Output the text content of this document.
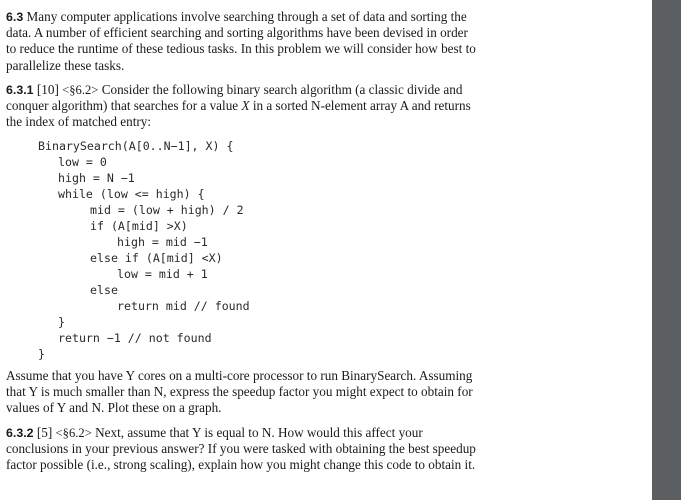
6.3 Many computer applications involve searching through a set of data and sorting the data. A number of efficient searching and sorting algorithms have been devised in order to reduce the runtime of these tedious tasks. In this problem we will consider how best to parallelize these tasks.

6.3.1 [10] <§6.2> Consider the following binary search algorithm (a classic divide and conquer algorithm) that searches for a value X in a sorted N-element array A and returns the index of matched entry:

BinarySearch(A[0..N−1], X) {

low = 0

high = N −1

while (low <= high) {

mid = (low + high) / 2

if (A[mid] >X)

high = mid −1

else if (A[mid] <X)

low = mid + 1

else

return mid // found

}

return −1 // not found

}

Assume that you have Y cores on a multi-core processor to run BinarySearch. Assuming that Y is much smaller than N, express the speedup factor you might expect to obtain for values of Y and N. Plot these on a graph.

6.3.2 [5] <§6.2> Next, assume that Y is equal to N. How would this affect your conclusions in your previous answer? If you were tasked with obtaining the best speedup factor possible (i.e., strong scaling), explain how you might change this code to obtain it.
